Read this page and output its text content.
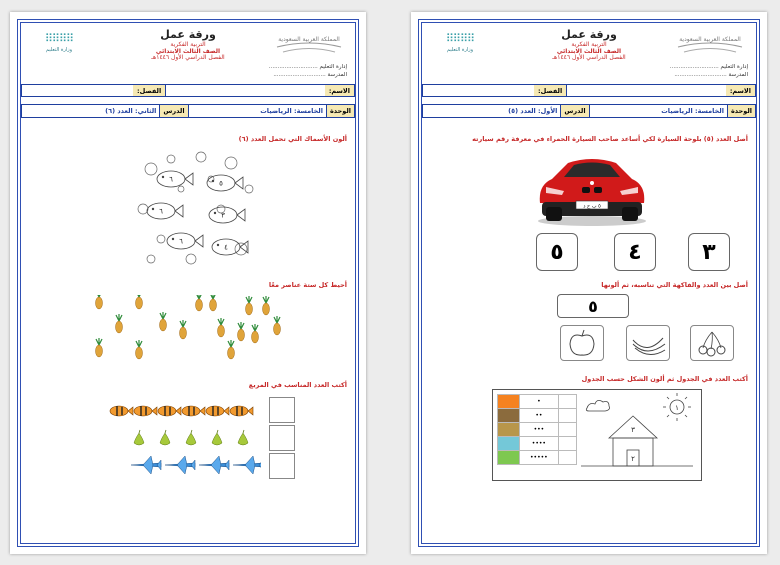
المملكة العربية السعودية
إدارة التعليم ............................
المدرسة ..............................
ورقة عمل
التربية الفكرية
الصف الثالث الابتدائي
الفصل الدراسي الأول ١٤٤٦هـ
⠿⠿⠿⠿
وزارة التعليم
الاسم:
الفصل:
الوحدة
الخامسة: الرياضيات
الدرس
الأول: العدد (٥)
أصل العدد (٥) بلوحة السيارة لكي أساعد صاحب السيارة الحمراء في معرفة رقم سيارته
٥ ب ح د
٣
٤
٥
أصل بين العدد والفاكهة التي تناسبه، ثم ألونها
٥
أكتب العدد في الجدول ثم ألون الشكل حسب الجدول
١
٣
٢
	•	
	••	
	•••	
	••••	
	•••••	
المملكة العربية السعودية
إدارة التعليم ............................
المدرسة ..............................
ورقة عمل
التربية الفكرية
الصف الثالث الابتدائي
الفصل الدراسي الأول ١٤٤٦هـ
⠿⠿⠿⠿
وزارة التعليم
الاسم:
الفصل:
الوحدة
الخامسة: الرياضيات
الدرس
الثاني: العدد (٦)
ألون الأسماك التي تحمل العدد (٦)
٦	٥
٦	٣
٦
٤
أحيط كل ستة عناصر معًا
أكتب العدد المناسب في المربع
